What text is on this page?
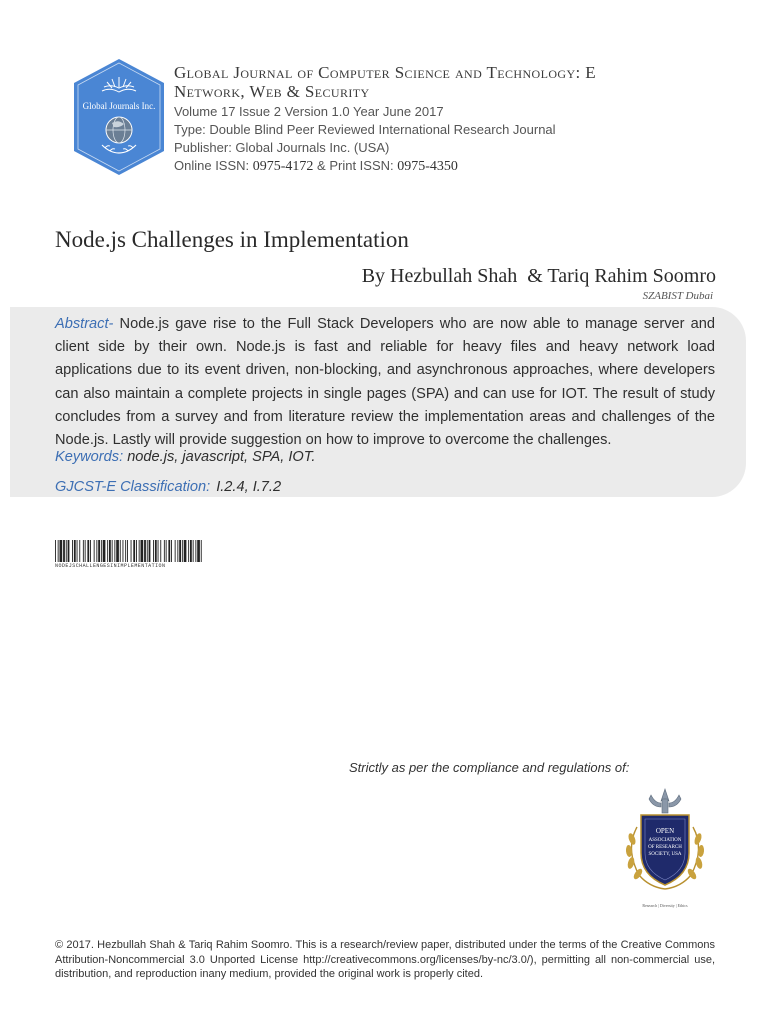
Global Journals Inc.
Global Journal of Computer Science and Technology: E
Network, Web & Security
Volume 17 Issue 2 Version 1.0 Year June 2017
Type: Double Blind Peer Reviewed International Research Journal
Publisher: Global Journals Inc. (USA)
Online ISSN: 0975-4172 & Print ISSN: 0975-4350
Node.js Challenges in Implementation
By Hezbullah Shah  & Tariq Rahim Soomro
SZABIST Dubai
Abstract- Node.js gave rise to the Full Stack Developers who are now able to manage server and client side by their own. Node.js is fast and reliable for heavy files and heavy network load applications due to its event driven, non-blocking, and asynchronous approaches, where developers can also maintain a complete projects in single pages (SPA) and can use for IOT. The result of study concludes from a survey and from literature review the implementation areas and challenges of the Node.js. Lastly will provide suggestion on how to improve to overcome the challenges.
Keywords: node.js, javascript, SPA, IOT.
GJCST-E Classification: I.2.4, I.7.2
NODEJSCHALLENGESINIMPLEMENTATION
Strictly as per the compliance and regulations of:
OPEN
ASSOCIATION
OF RESEARCH
SOCIETY, USA
Research | Diversity | Ethics
© 2017. Hezbullah Shah & Tariq Rahim Soomro. This is a research/review paper, distributed under the terms of the Creative Commons Attribution-Noncommercial 3.0 Unported License http://creativecommons.org/licenses/by-nc/3.0/), permitting all non-commercial use, distribution, and reproduction inany medium, provided the original work is properly cited.
